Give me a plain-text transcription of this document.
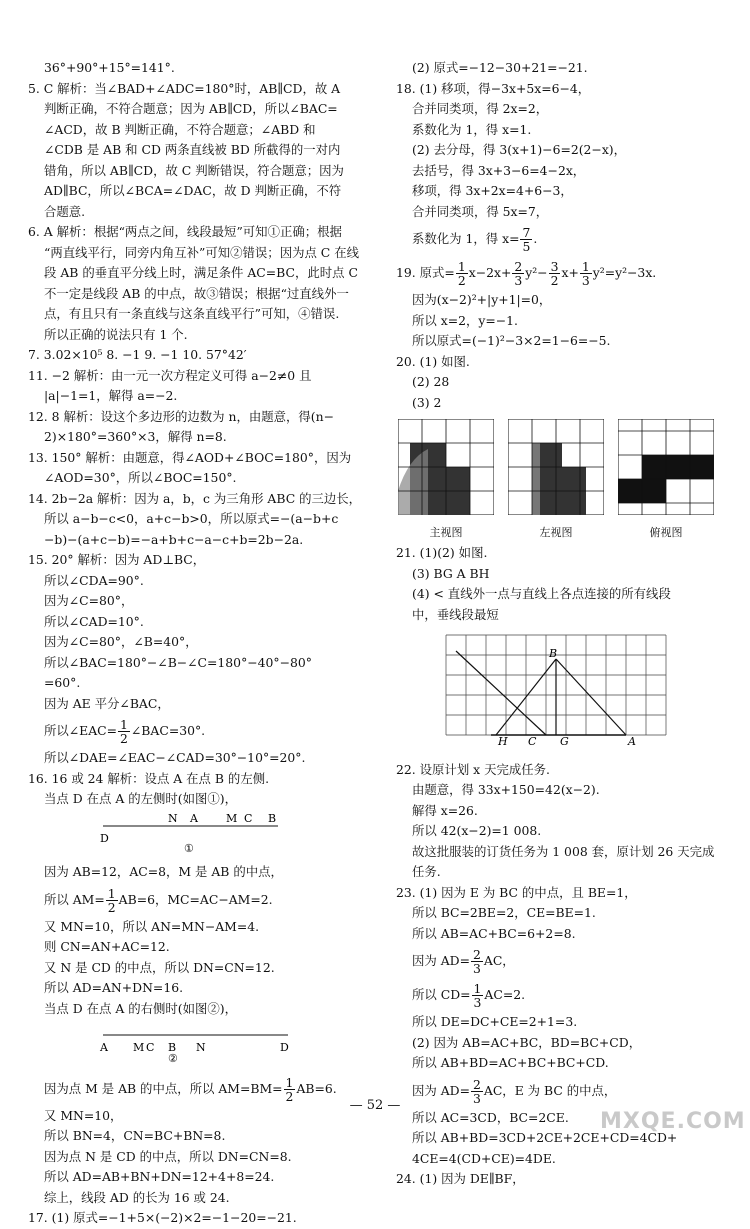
36°+90°+15°=141°.
5. C 解析：当∠BAD+∠ADC=180°时，AB∥CD，故 A
判断正确，不符合题意；因为 AB∥CD，所以∠BAC=
∠ACD，故 B 判断正确，不符合题意；∠ABD 和
∠CDB 是 AB 和 CD 两条直线被 BD 所截得的一对内
错角，所以 AB∥CD，故 C 判断错误，符合题意；因为
AD∥BC，所以∠BCA=∠DAC，故 D 判断正确，不符
合题意.
6. A 解析：根据“两点之间，线段最短”可知①正确；根据
“两直线平行，同旁内角互补”可知②错误；因为点 C 在线
段 AB 的垂直平分线上时，满足条件 AC=BC，此时点 C
不一定是线段 AB 的中点，故③错误；根据“过直线外一
点，有且只有一条直线与这条直线平行”可知，④错误.
所以正确的说法只有 1 个.
7. 3.02×10⁵ 8. −1 9. −1 10. 57°42′
11. −2 解析：由一元一次方程定义可得 a−2≠0 且
|a|−1=1，解得 a=−2.
12. 8 解析：设这个多边形的边数为 n，由题意，得(n−
2)×180°=360°×3，解得 n=8.
13. 150° 解析：由题意，得∠AOD+∠BOC=180°，因为
∠AOD=30°，所以∠BOC=150°.
14. 2b−2a 解析：因为 a，b，c 为三角形 ABC 的三边长，
所以 a−b−c<0，a+c−b>0，所以原式=−(a−b+c
−b)−(a+c−b)=−a+b+c−a−c+b=2b−2a.
15. 20° 解析：因为 AD⊥BC，
所以∠CDA=90°.
因为∠C=80°，
所以∠CAD=10°.
因为∠C=80°，∠B=40°，
所以∠BAC=180°−∠B−∠C=180°−40°−80°
=60°.
因为 AE 平分∠BAC，
所以∠EAC= $\frac{1}{2}$ ∠BAC=30°.
所以∠DAE=∠EAC−∠CAD=30°−10°=20°.
16. 16 或 24 解析：设点 A 在点 B 的左侧.
当点 D 在点 A 的左侧时(如图①)，
D
N A	M C B
①
因为 AB=12，AC=8，M 是 AB 的中点，
所以 $AM= \frac{1}{2} AB=6$，MC=AC−AM=2.
又 MN=10，所以 AN=MN−AM=4.
则 CN=AN+AC=12.
又 N 是 CD 的中点，所以 DN=CN=12.
所以 AD=AN+DN=16.
当点 D 在点 A 的右侧时(如图②)，
A M C B N	D
②
因为点 M 是 AB 的中点，所以 $AM=BM= \frac{1}{2} AB=6$.
又 MN=10，
所以 BN=4，CN=BC+BN=8.
因为点 N 是 CD 的中点，所以 DN=CN=8.
所以 AD=AB+BN+DN=12+4+8=24.
综上，线段 AD 的长为 16 或 24.
17. (1) 原式=−1+5×(−2)×2=−1−20=−21.
(2) 原式=−12−30+21=−21.
18. (1) 移项，得−3x+5x=6−4，
合并同类项，得 2x=2，
系数化为 1，得 x=1.
(2) 去分母，得 3(x+1)−6=2(2−x)，
去括号，得 3x+3−6=4−2x，
移项，得 3x+2x=4+6−3，
合并同类项，得 5x=7，
系数化为 1，得 $x= \frac{7}{5}$ .
19. 原式= $\frac{1}{2} x-2x+ \frac{2}{3} y^2- \frac{3}{2} x+ \frac{1}{3} y^2=y^2-3x$.
因为(x−2)²+|y+1|=0，
所以 x=2，y=−1.
所以原式=(−1)²−3×2=1−6=−5.
20. (1) 如图.
(2) 28
(3) 2
主视图	左视图	俯视图
21. (1)(2) 如图.
(3) BG A BH
(4) < 直线外一点与直线上各点连接的所有线段
中，垂线段最短
B
H C G	A
22. 设原计划 x 天完成任务.
由题意，得 33x+150=42(x−2).
解得 x=26.
所以 42(x−2)=1 008.
故这批服装的订货任务为 1 008 套，原计划 26 天完成
任务.
23. (1) 因为 E 为 BC 的中点，且 BE=1，
所以 BC=2BE=2，CE=BE=1.
所以 AB=AC+BC=6+2=8.
因为 $AD= \frac{2}{3}$ AC，
所以 $CD= \frac{1}{3} AC=2$.
所以 DE=DC+CE=2+1=3.
(2) 因为 AB=AC+BC，BD=BC+CD，
所以 AB+BD=AC+BC+BC+CD.
因为 $AD= \frac{2}{3}$ AC，E 为 BC 的中点，
所以 AC=3CD，BC=2CE.
所以 AB+BD=3CD+2CE+2CE+CD=4CD+
4CE=4(CD+CE)=4DE.
24. (1) 因为 DE∥BF，
— 52 —
MXQE.COM
